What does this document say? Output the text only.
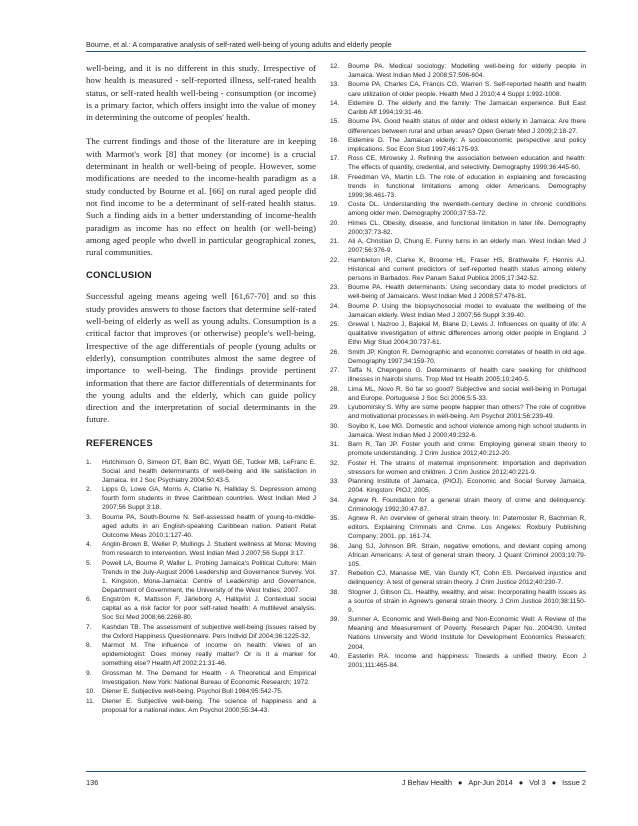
Bourne, et al.: A comparative analysis of self-rated well-being of young adults and elderly people

well-being, and it is no different in this study. Irrespective of how health is measured - self-reported illness, self-rated health status, or self-rated health well-being - consumption (or income) is a primary factor, which offers insight into the value of money in determining the outcome of peoples' health.

The current findings and those of the literature are in keeping with Marmot's work [8] that money (or income) is a crucial determinant in health or well-being of people. However, some modifications are needed to the income-health paradigm as a study conducted by Bourne et al. [66] on rural aged people did not find income to be a determinant of self-rated health status. Such a finding aids in a better understanding of income-health paradigm as income has no effect on health (or well-being) among aged people who dwell in particular geographical zones, rural communities.

CONCLUSION

Successful ageing means ageing well [61,67-70] and so this study provides answers to those factors that determine self-rated well-being of elderly as well as young adults. Consumption is a critical factor that improves (or otherwise) people's well-being. Irrespective of the age differentials of people (young adults or elderly), consumption contributes almost the same degree of importance to well-being. The findings provide pertinent information that there are factor differentials of determinants for the young adults and the elderly, which can guide policy direction and the interpretation of social determinants in the future.

REFERENCES
1.	Hutchinson G, Simeon DT, Bain BC, Wyatt GE, Tucker MB, LeFranc E. Social and health determinants of well-being and life satisfaction in Jamaica. Int J Soc Psychiatry 2004;50:43-5.
2.	Lipps G, Lowe GA, Morris A, Clarke N, Halliday S. Depression among fourth form students in three Caribbean countries. West Indian Med J 2007;56 Suppl 3:18.
3.	Bourne PA, South-Bourne N. Self-assessed health of young-to-middle-aged adults in an English-speaking Caribbean nation. Patient Relat Outcome Meas 2010;1:127-40.
4.	Anglin-Brown B, Weller P, Mullings J. Student wellness at Mona: Moving from research to intervention. West Indian Med J 2007;56 Suppl 3:17.
5.	Powell LA, Bourne P, Waller L. Probing Jamaica's Political Culture: Main Trends in the July-August 2006 Leadership and Governance Survey. Vol. 1. Kingston, Mona-Jamaica: Centre of Leadership and Governance, Department of Government, the University of the West Indies; 2007.
6.	Engström K, Mattsson F, Järleborg A, Hallqvist J. Contextual social capital as a risk factor for poor self-rated health: A multilevel analysis. Soc Sci Med 2008;66:2268-80.
7.	Kashdan TB. The assessment of subjective well-being (issues raised by the Oxford Happiness Questionnaire. Pers Individ Dif 2004;36:1225-32.
8.	Marmot M. The influence of income on health: Views of an epidemiologist: Does money really matter? Or is it a marker for something else? Health Aff 2002;21:31-46.
9.	Grossman M. The Demand for Health - A Theoretical and Empirical Investigation. New York: National Bureau of Economic Research; 1972.
10.	Diener E. Subjective well-being. Psychol Bull 1984;95:542-75.
11.	Diener E. Subjective well-being. The science of happiness and a proposal for a national index. Am Psychol 2000;55:34-43.
12.	Bourne PA. Medical sociology: Modelling well-being for elderly people in Jamaica. West Indian Med J 2008;57:596-604.
13.	Bourne PA, Charles CA, Francis CG, Warren S. Self-reported health and health care utilization of older people. Health Med J 2010;4 4 Suppl 1:992-1008.
14.	Eldemire D. The elderly and the family: The Jamaican experience. Bull East Caribb Aff 1994;19:31-46.
15.	Bourne PA. Good health status of older and oldest elderly in Jamaica: Are there differences between rural and urban areas? Open Geriatr Med J 2009;2:18-27.
16.	Eldemire D. The Jamaican elderly: A socioeconomic perspective and policy implications. Soc Econ Stud 1997;46:175-93.
17.	Ross CE, Mirowsky J. Refining the association between education and health: The effects of quantity, credential, and selectivity. Demography 1999;36:445-60.
18.	Freedman VA, Martin LG. The role of education in explaining and forecasting trends in functional limitations among older Americans. Demography 1999;36:461-73.
19.	Costa DL. Understanding the twentieth-century decline in chronic conditions among older men. Demography 2000;37:53-72.
20.	Himes CL. Obesity, disease, and functional limitation in later life. Demography 2000;37:73-82.
21.	Ali A, Christian D, Chung E. Funny turns in an elderly man. West Indian Med J 2007;56:376-9.
22.	Hambleton IR, Clarke K, Broome HL, Fraser HS, Brathwaite F, Hennis AJ. Historical and current predictors of self-reported health status among elderly persons in Barbados. Rev Panam Salud Publica 2005;17:342-52.
23.	Bourne PA. Health determinants: Using secondary data to model predictors of well-being of Jamaicans. West Indian Med J 2008;57:476-81.
24.	Bourne P. Using the biopsychosocial model to evaluate the wellbeing of the Jamaican elderly. West Indian Med J 2007;56 Suppl 3:39-40.
25.	Grewal I, Nazroo J, Bajekal M, Blane D, Lewis J. Influences on quality of life: A qualitative investigation of ethnic differences among older people in England. J Ethn Migr Stud 2004;30:737-61.
26.	Smith JP, Kington R. Demographic and economic correlates of health in old age. Demography 1997;34:159-70.
27.	Taffa N, Chepngeno G. Determinants of health care seeking for childhood illnesses in Nairobi slums. Trop Med Int Health 2005;10:240-5.
28.	Lima ML, Novo R. So far so good? Subjective and social well-being in Portugal and Europe. Portuguese J Soc Sci 2006;5:5-33.
29.	Lyubomirsky S. Why are some people happier than others? The role of cognitive and motivational processes in well-being. Am Psychol 2001;56:239-49.
30.	Soyibo K, Lee MG. Domestic and school violence among high school students in Jamaica. West Indian Med J 2000;49:232-6.
31.	Barn R, Tan JP. Foster youth and crime: Employing general strain theory to promote understanding. J Crim Justice 2012;40:212-20.
32.	Foster H. The strains of maternal imprisonment: Importation and deprivation stressors for women and children. J Crim Justice 2012;40:221-9.
33.	Planning Institute of Jamaica, (PIOJ). Economic and Social Survey Jamaica, 2004. Kingston: PIOJ; 2005.
34.	Agnew R. Foundation for a general strain theory of crime and delinquency. Criminology 1992;30:47-87.
35.	Agnew R. An overview of general strain theory. In: Paternoster R, Bachman R, editors. Explaining Criminals and Crime. Los Angeles: Roxbury Publishing Company; 2001. pp. 161-74.
36.	Jang SJ, Johnson BR. Strain, negative emotions, and deviant coping among African Americans: A test of general strain theory. J Quant Criminol 2003;19:79-105.
37.	Rebellon CJ, Manasse ME, Van Gundy KT, Cohn ES. Perceived injustice and delinquency: A test of general strain theory. J Crim Justice 2012;40:230-7.
38.	Stogner J, Gibson CL. Healthy, wealthy, and wise: Incorporating health issues as a source of strain in Agnew's general strain theory. J Crim Justice 2010;38:1150-9.
39.	Sumner A. Economic and Well-Being and Non-Economic Well: A Review of the Meaning and Measurement of Poverty. Research Paper No. 2004/30. United Nations University and World Institute for Development Economics Research; 2004.
40.	Easterlin RA. Income and happiness: Towards a unified theory. Econ J 2001;111:465-84.
136	J Behav Health ● Apr-Jun 2014 ● Vol 3 ● Issue 2
